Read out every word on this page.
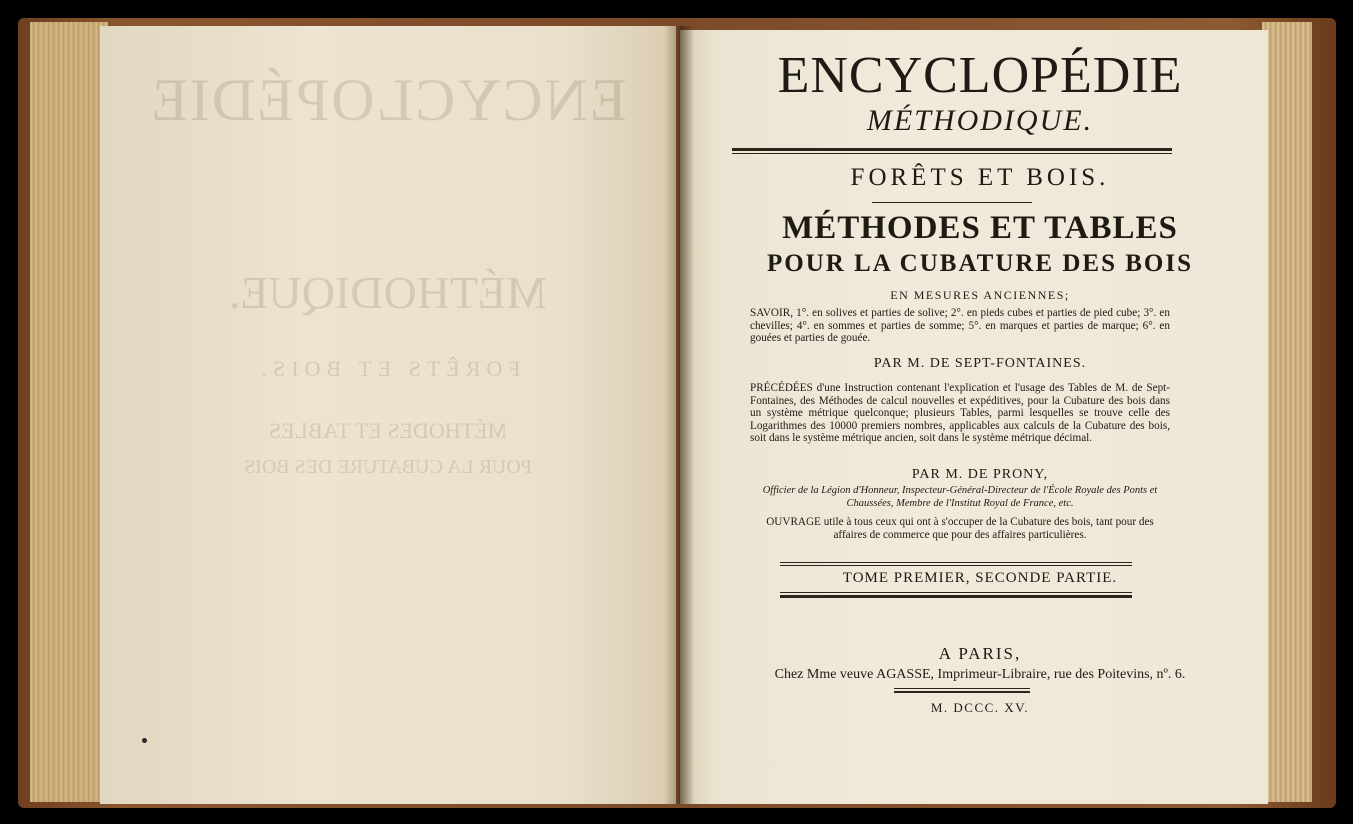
ENCYCLOPÉDIE
MÉTHODIQUE.
FORÊTS ET BOIS.
MÉTHODES ET TABLES
POUR LA CUBATURE DES BOIS
ENCYCLOPÉDIE
MÉTHODIQUE.
FORÊTS ET BOIS.
MÉTHODES ET TABLES
POUR LA CUBATURE DES BOIS
EN MESURES ANCIENNES;
SAVOIR, 1°. en solives et parties de solive; 2°. en pieds cubes et parties de pied cube; 3°. en chevilles; 4°. en sommes et parties de somme; 5°. en marques et parties de marque; 6°. en gouées et parties de gouée.
PAR M. DE SEPT-FONTAINES.
PRÉCÉDÉES d'une Instruction contenant l'explication et l'usage des Tables de M. de Sept-Fontaines, des Méthodes de calcul nouvelles et expéditives, pour la Cubature des bois dans un système métrique quelconque; plusieurs Tables, parmi lesquelles se trouve celle des Logarithmes des 10000 premiers nombres, applicables aux calculs de la Cubature des bois, soit dans le système métrique ancien, soit dans le système métrique décimal.
PAR M. DE PRONY,
Officier de la Légion d'Honneur, Inspecteur-Général-Directeur de l'École Royale des Ponts et Chaussées, Membre de l'Institut Royal de France, etc.
OUVRAGE utile à tous ceux qui ont à s'occuper de la Cubature des bois, tant pour des affaires de commerce que pour des affaires particulières.
TOME PREMIER, SECONDE PARTIE.
A PARIS,
Chez Mme veuve AGASSE, Imprimeur-Libraire, rue des Poitevins, nº. 6.
M. DCCC. XV.
